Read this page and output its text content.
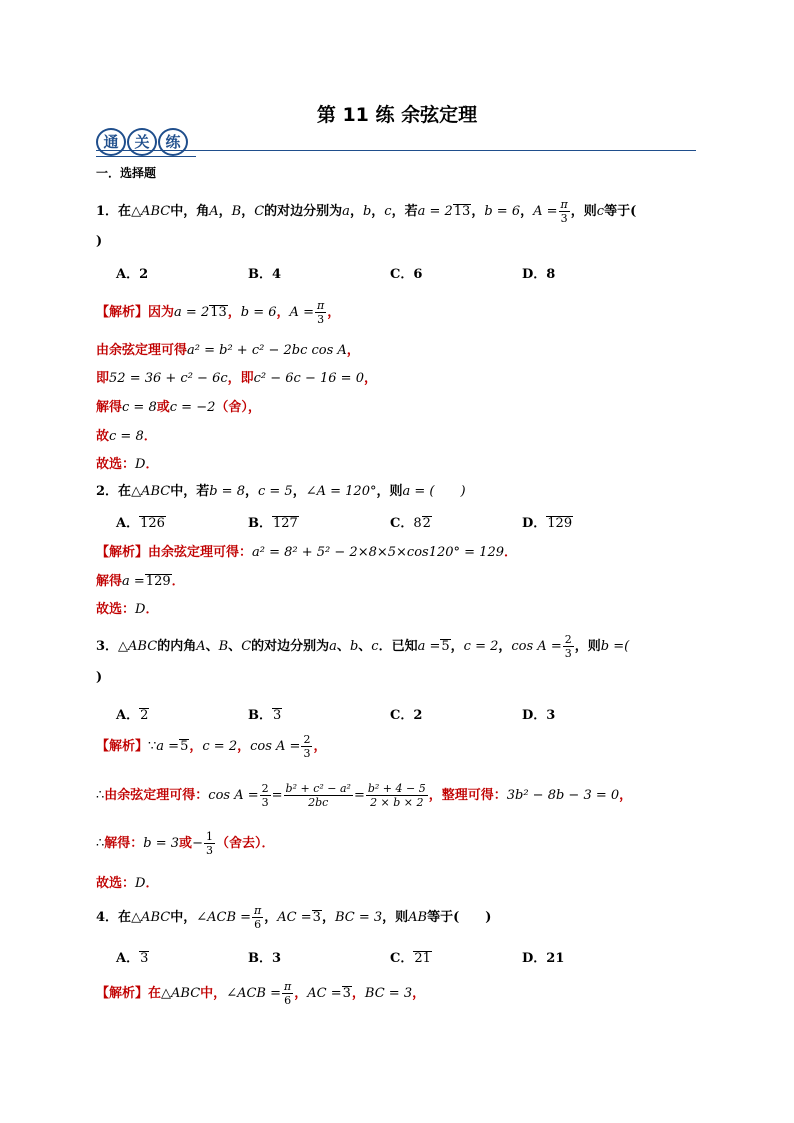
第 11 练 余弦定理
通	关	练
一．选择题
1．在△ABC中，角A，B，C的对边分别为a，b，c，若a = 213，b = 6，$A = \frac{\pi}{3}$ ，则c等于(
)
A．2	B．4	C．6	D．8
【解析】因为a = 213，b = 6，$A = \frac{\pi}{3}$ ，
由余弦定理可得a² = b² + c² − 2bc cos A，
即52 = 36 + c² − 6c，即c² − 6c − 16 = 0，
解得c = 8或c = −2（舍），
故c = 8．
故选：D．
2．在△ABC中，若b = 8，c = 5，∠A = 120°，则a = (　　)
A．126	B．127	C．82	D．129
【解析】由余弦定理可得：a² = 8² + 5² − 2×8×5×cos120° = 129．
解得a =129．
故选：D．
3．△ABC的内角A、B、C的对边分别为a、b、c．已知a =5，c = 2，$\cos A = \frac{2}{3}$ ，则b =(
)
A．2	B．3	C．2	D．3
【解析】∵a =5，c = 2，$\cos A = \frac{2}{3}$ ，
∴由余弦定理可得：$\cos A = \frac{2}{3} = \frac{\text{b² + c² − a²}}{2bc} = \frac{\text{b² + 4 − 5}}{2 \times b \times 2}$ ，整理可得：3b² − 8b − 3 = 0，
∴解得：b = 3或− $\frac{1}{3}$ （舍去）．
故选：D．
4．在△ABC中，∠ACB = $\frac{\pi}{6}$ ，AC =3，BC = 3，则AB等于(　　)
A．3	B．3	C．21	D．21
【解析】在△ABC中，∠ACB = $\frac{\pi}{6}$ ，AC =3，BC = 3，
